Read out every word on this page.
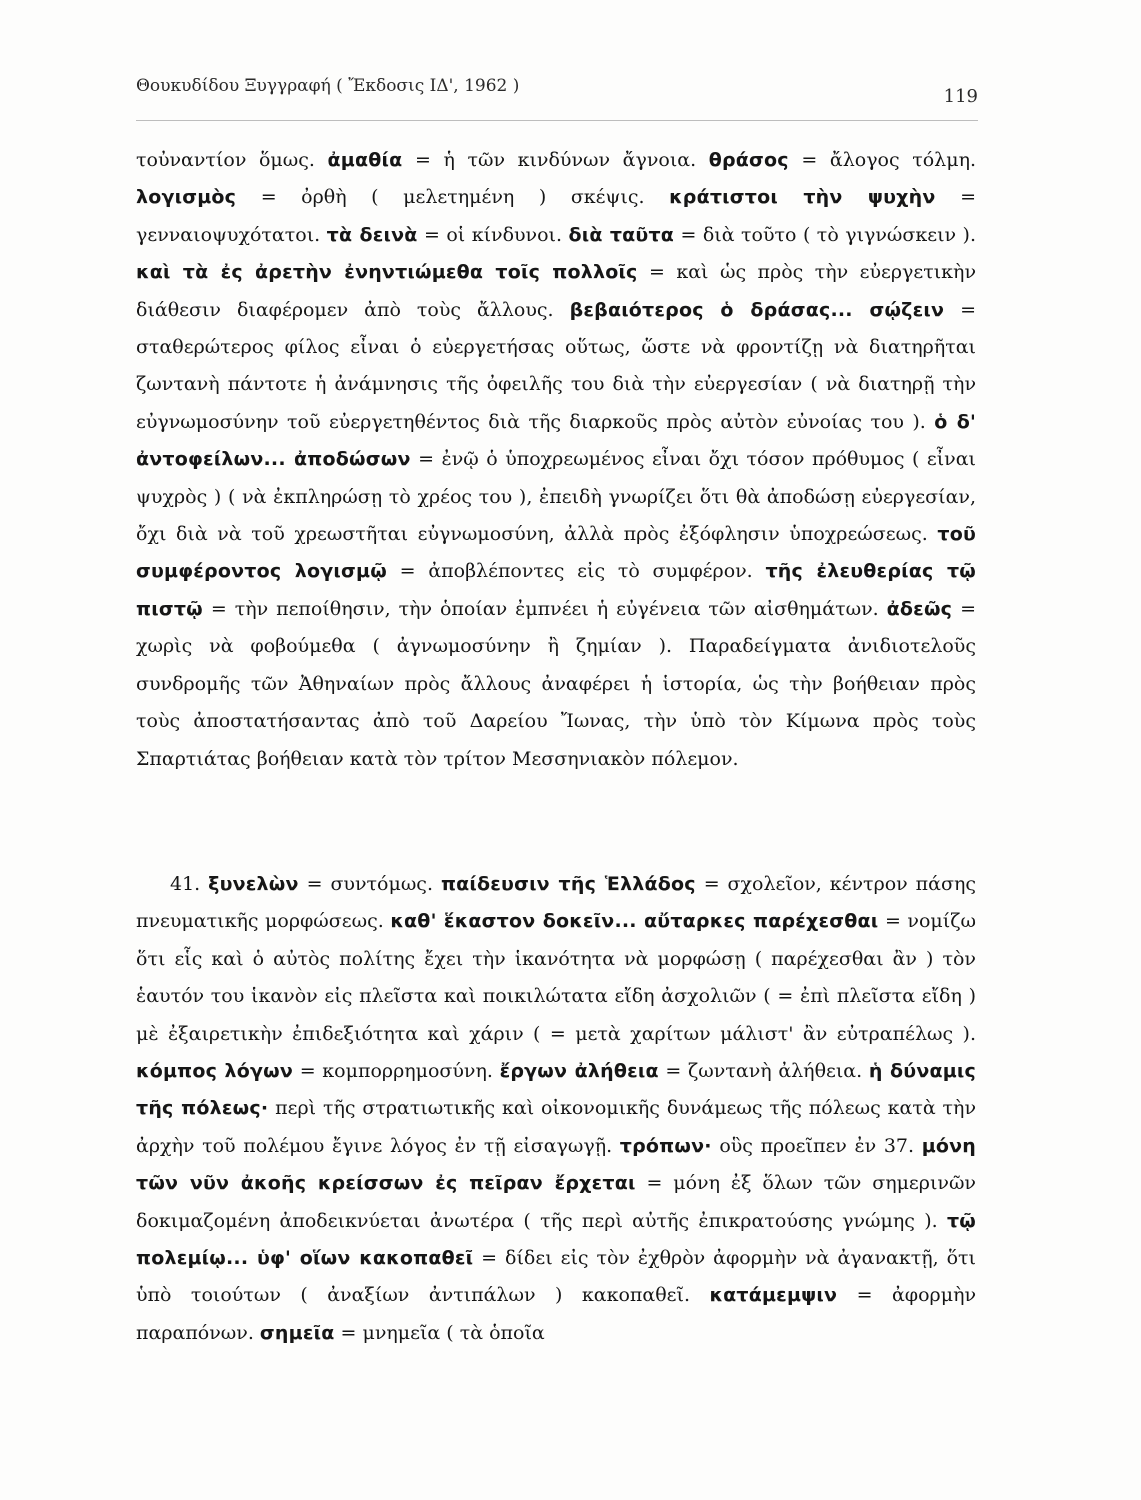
Θουκυδίδου Ξυγγραφή ( Ἔκδοσις ΙΔ', 1962 )	119

τοὐναντίον ὅμως. ἀμαθία = ἡ τῶν κινδύνων ἄγνοια. θράσος = ἄλογος τόλμη. λογισμὸς = ὀρθὴ ( μελετημένη ) σκέψις. κράτιστοι τὴν ψυχὴν = γενναιοψυχότατοι. τὰ δεινὰ = οἱ κίνδυνοι. διὰ ταῦτα = διὰ τοῦτο ( τὸ γιγνώσκειν ). καὶ τὰ ἐς ἀρετὴν ἐνηντιώμεθα τοῖς πολλοῖς = καὶ ὡς πρὸς τὴν εὐεργετικὴν διάθεσιν διαφέρομεν ἀπὸ τοὺς ἄλλους. βεβαιότερος ὁ δράσας... σῴζειν = σταθερώτερος φίλος εἶναι ὁ εὐεργετήσας οὕτως, ὥστε νὰ φροντίζῃ νὰ διατηρῆται ζωντανὴ πάντοτε ἡ ἀνάμνησις τῆς ὀφειλῆς του διὰ τὴν εὐεργεσίαν ( νὰ διατηρῇ τὴν εὐγνωμοσύνην τοῦ εὐεργετηθέντος διὰ τῆς διαρκοῦς πρὸς αὐτὸν εὐνοίας του ). ὁ δ' ἀντοφείλων... ἀποδώσων = ἐνῷ ὁ ὑποχρεωμένος εἶναι ὄχι τόσον πρόθυμος ( εἶναι ψυχρὸς ) ( νὰ ἐκπληρώσῃ τὸ χρέος του ), ἐπειδὴ γνωρίζει ὅτι θὰ ἀποδώσῃ εὐεργεσίαν, ὄχι διὰ νὰ τοῦ χρεωστῆται εὐγνωμοσύνη, ἀλλὰ πρὸς ἐξόφλησιν ὑποχρεώσεως. τοῦ συμφέροντος λογισμῷ = ἀποβλέποντες εἰς τὸ συμφέρον. τῆς ἐλευθερίας τῷ πιστῷ = τὴν πεποίθησιν, τὴν ὁποίαν ἐμπνέει ἡ εὐγένεια τῶν αἰσθημάτων. ἀδεῶς = χωρὶς νὰ φοβούμεθα ( ἀγνωμοσύνην ἢ ζημίαν ). Παραδείγματα ἀνιδιοτελοῦς συνδρομῆς τῶν Ἀθηναίων πρὸς ἄλλους ἀναφέρει ἡ ἱστορία, ὡς τὴν βοήθειαν πρὸς τοὺς ἀποστατήσαντας ἀπὸ τοῦ Δαρείου Ἴωνας, τὴν ὑπὸ τὸν Κίμωνα πρὸς τοὺς Σπαρτιάτας βοήθειαν κατὰ τὸν τρίτον Μεσσηνιακὸν πόλεμον.

41. ξυνελὼν = συντόμως. παίδευσιν τῆς Ἑλλάδος = σχολεῖον, κέντρον πάσης πνευματικῆς μορφώσεως. καθ' ἕκαστον δοκεῖν... αὔταρκες παρέχεσθαι = νομίζω ὅτι εἷς καὶ ὁ αὐτὸς πολίτης ἔχει τὴν ἱκανότητα νὰ μορφώσῃ ( παρέχεσθαι ἂν ) τὸν ἑαυτόν του ἱκανὸν εἰς πλεῖστα καὶ ποικιλώτατα εἴδη ἀσχολιῶν ( = ἐπὶ πλεῖστα εἴδη ) μὲ ἐξαιρετικὴν ἐπιδεξιότητα καὶ χάριν ( = μετὰ χαρίτων μάλιστ' ἂν εὐτραπέλως ). κόμπος λόγων = κομπορρημοσύνη. ἔργων ἀλήθεια = ζωντανὴ ἀλήθεια. ἡ δύναμις τῆς πόλεως· περὶ τῆς στρατιωτικῆς καὶ οἰκονομικῆς δυνάμεως τῆς πόλεως κατὰ τὴν ἀρχὴν τοῦ πολέμου ἔγινε λόγος ἐν τῇ εἰσαγωγῇ. τρόπων· οὓς προεῖπεν ἐν 37. μόνη τῶν νῦν ἀκοῆς κρείσσων ἐς πεῖραν ἔρχεται = μόνη ἐξ ὅλων τῶν σημερινῶν δοκιμαζομένη ἀποδεικνύεται ἀνωτέρα ( τῆς περὶ αὐτῆς ἐπικρατούσης γνώμης ). τῷ πολεμίῳ... ὑφ' οἵων κακοπαθεῖ = δίδει εἰς τὸν ἐχθρὸν ἀφορμὴν νὰ ἀγανακτῇ, ὅτι ὑπὸ τοιούτων ( ἀναξίων ἀντιπάλων ) κακοπαθεῖ. κατάμεμψιν = ἀφορμὴν παραπόνων. σημεῖα = μνημεῖα ( τὰ ὁποῖα
